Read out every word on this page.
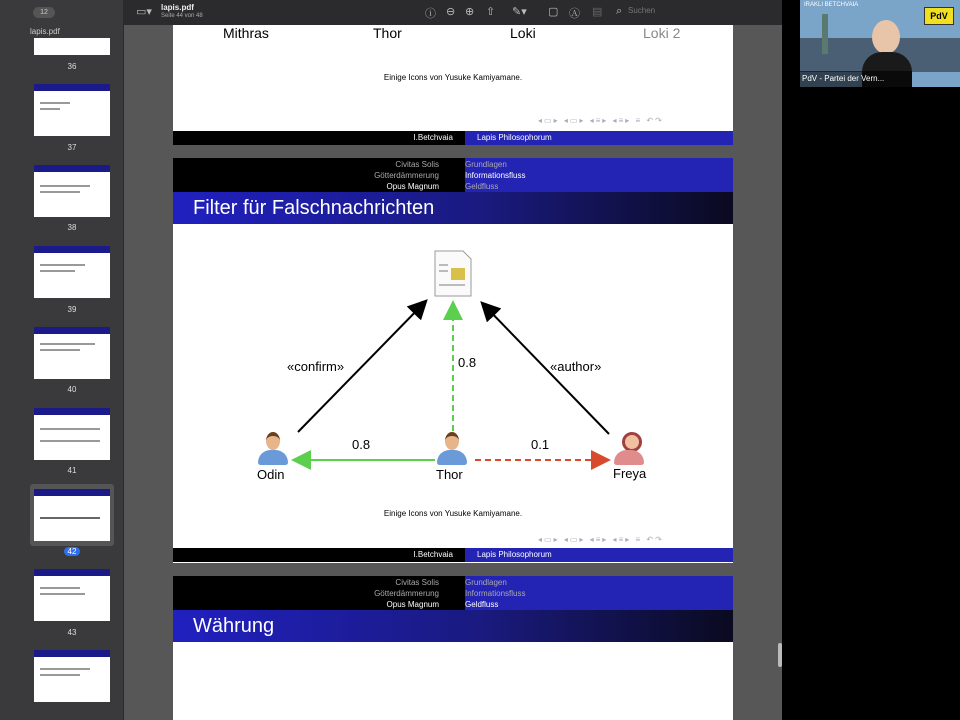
12
lapis.pdf
36
37
38
39
40
41
42
43
▭▾ lapis.pdf
Seite 44 von 48	ⓘ ⊖ ⊕ ⇧ ✎▾ ▢ Ⓐ ▤ ⌕ Suchen
Mithras	Thor	Loki	Loki 2
Einige Icons von Yusuke Kamiyamane.
◂▭▸ ◂▭▸ ◂≡▸ ◂≡▸ ≡ ↶↷
I.Betchvaia	Lapis Philosophorum
Civitas Solis
Götterdämmerung
Opus Magnum
Grundlagen
Informationsfluss
Geldfluss
Filter für Falschnachrichten
«confirm»	«author»
0.8
0.8	0.1
Odin	Thor	Freya
Einige Icons von Yusuke Kamiyamane.
◂▭▸ ◂▭▸ ◂≡▸ ◂≡▸ ≡ ↶↷
I.Betchvaia	Lapis Philosophorum
Civitas Solis
Götterdämmerung
Opus Magnum
Grundlagen
Informationsfluss
Geldfluss
Währung
IRAKLI BETCHVAIA
PdV
PdV - Partei der Vern...
